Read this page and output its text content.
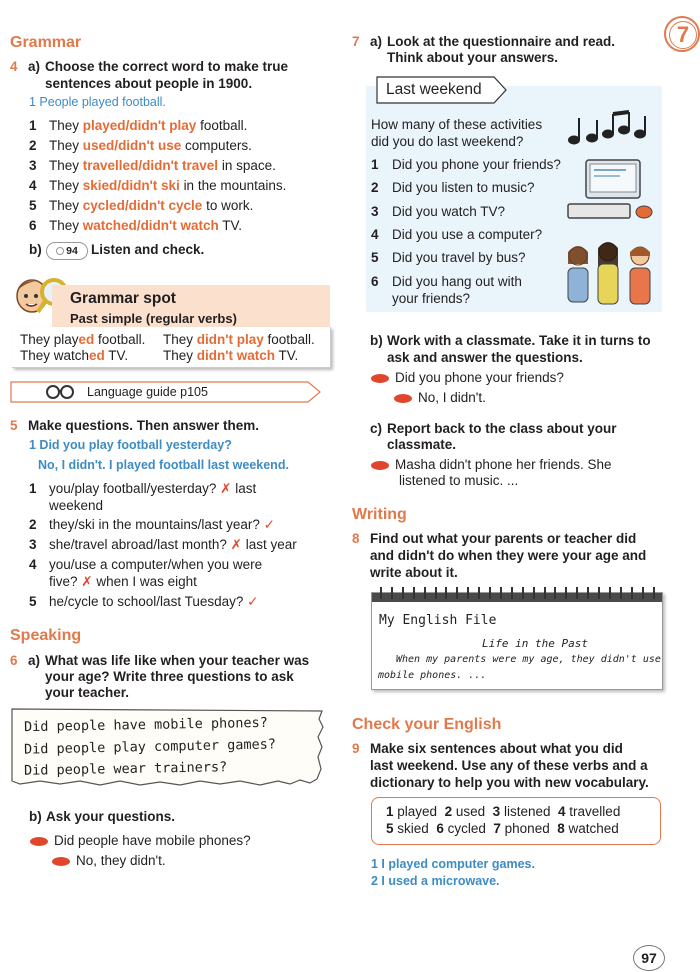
Grammar
4 a) Choose the correct word to make true
sentences about people in 1900.
1 People played football.
1 They played/didn't play football.
2 They used/didn't use computers.
3 They travelled/didn't travel in space.
4 They skied/didn't ski in the mountains.
5 They cycled/didn't cycle to work.
6 They watched/didn't watch TV.
b)	94 Listen and check.
Grammar spot
Past simple (regular verbs)
They played football. They didn't play football.
They watched TV.	They didn't watch TV.
Language guide p105
5 Make questions. Then answer them.
1 Did you play football yesterday?
No, I didn't. I played football last weekend.
1 you/play football/yesterday? ✗ last
weekend
2 they/ski in the mountains/last year? ✓
3 she/travel abroad/last month? ✗ last year
4 you/use a computer/when you were
five? ✗ when I was eight
5 he/cycle to school/last Tuesday? ✓
Speaking
6 a) What was life like when your teacher was
your age? Write three questions to ask
your teacher.
Did people have mobile phones?
Did people play computer games?
Did people wear trainers?
b) Ask your questions.
Did people have mobile phones?
No, they didn't.
7
7 a) Look at the questionnaire and read.
Think about your answers.
Last weekend
How many of these activities
did you do last weekend?
1 Did you phone your friends?
2 Did you listen to music?
3 Did you watch TV?
4 Did you use a computer?
5 Did you travel by bus?
6 Did you hang out with
your friends?
b) Work with a classmate. Take it in turns to
ask and answer the questions.
Did you phone your friends?
No, I didn't.
c) Report back to the class about your
classmate.
Masha didn't phone her friends. She
listened to music. ...
Writing
8 Find out what your parents or teacher did
and didn't do when they were your age and
write about it.
My English File
Life in the Past
When my parents were my age, they didn't use
mobile phones. ...
Check your English
9 Make six sentences about what you did
last weekend. Use any of these verbs and a
dictionary to help you with new vocabulary.
1 played 2 used 3 listened 4 travelled
5 skied 6 cycled 7 phoned 8 watched
1 I played computer games.
2 I used a microwave.
97
